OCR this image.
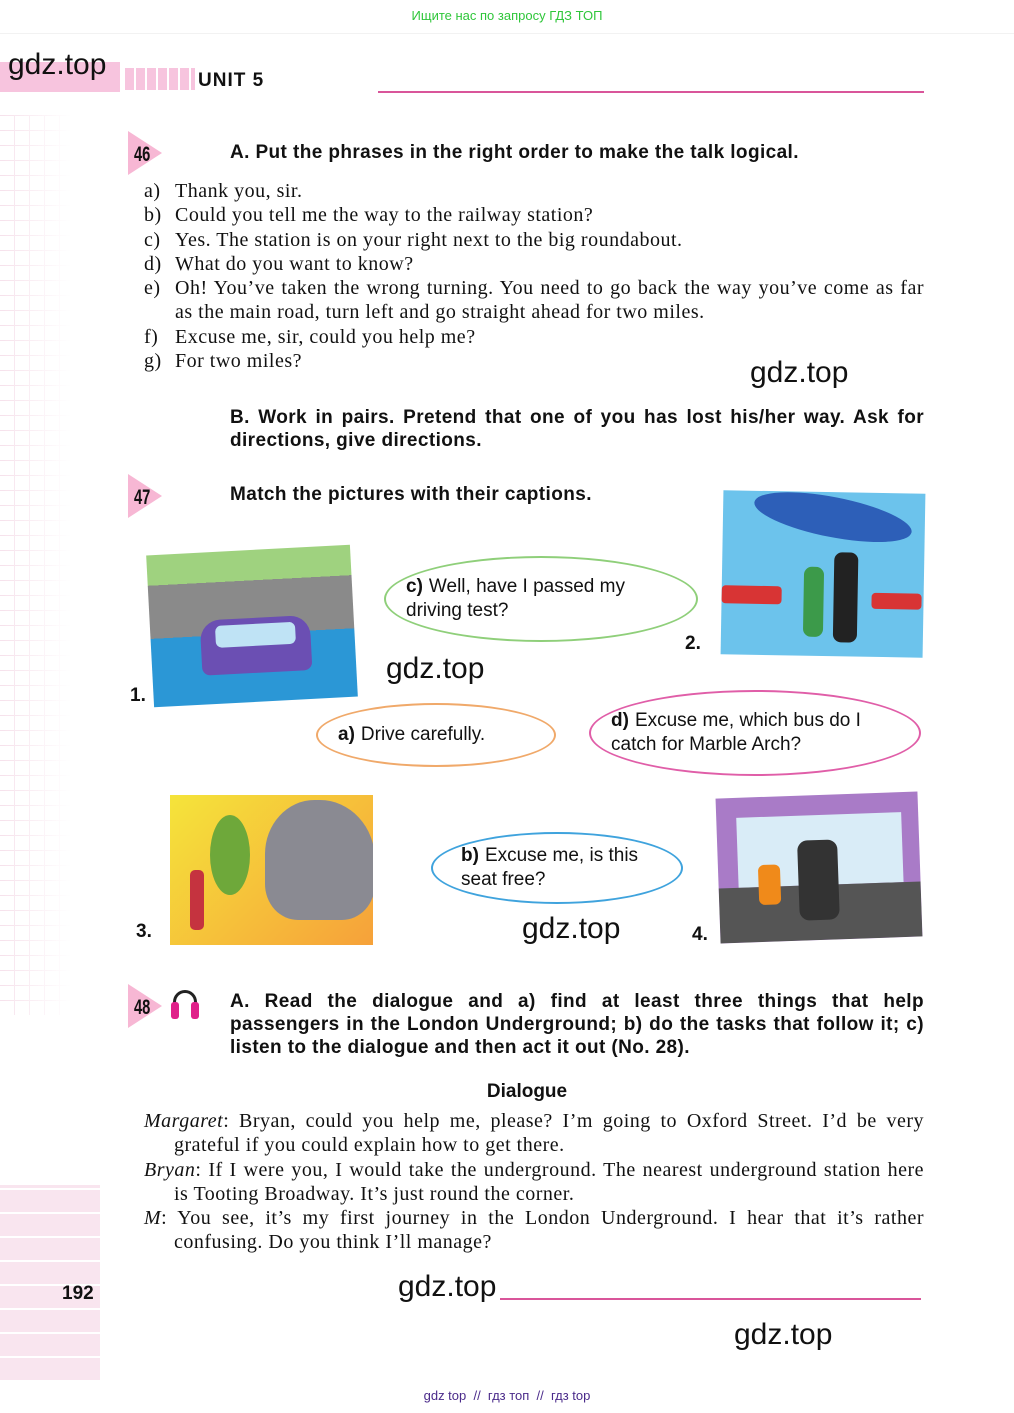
Ищите нас по запросу ГДЗ ТОП
gdz.top	UNIT 5
46	A. Put the phrases in the right order to make the talk logical.
a) Thank you, sir.
b) Could you tell me the way to the railway station?
c) Yes. The station is on your right next to the big roundabout.
d) What do you want to know?
e) Oh! You’ve taken the wrong turning. You need to go back the way you’ve come as far as the main road, turn left and go straight ahead for two miles.
f) Excuse me, sir, could you help me?
g) For two miles?	gdz.top
B. Work in pairs. Pretend that one of you has lost his/her way. Ask for directions, give directions.
47	Match the pictures with their captions.
1.
2.
3.	4.
c) Well, have I passed my driving test?
gdz.top
a) Drive carefully.
d) Excuse me, which bus do I catch for Marble Arch?
b) Excuse me, is this seat free?
gdz.top
48	A. Read the dialogue and a) find at least three things that help passengers in the London Underground; b) do the tasks that follow it; c) listen to the dialogue and then act it out (No. 28).
Dialogue

Margaret: Bryan, could you help me, please? I’m going to Oxford Street. I’d be very grateful if you could explain how to get there.

Bryan: If I were you, I would take the underground. The nearest underground station here is Tooting Broadway. It’s just round the corner.

M: You see, it’s my first journey in the London Underground. I hear that it’s rather confusing. Do you think I’ll manage?

192	gdz.top
gdz.top
gdz top  //  гдз топ  //  гдз top
